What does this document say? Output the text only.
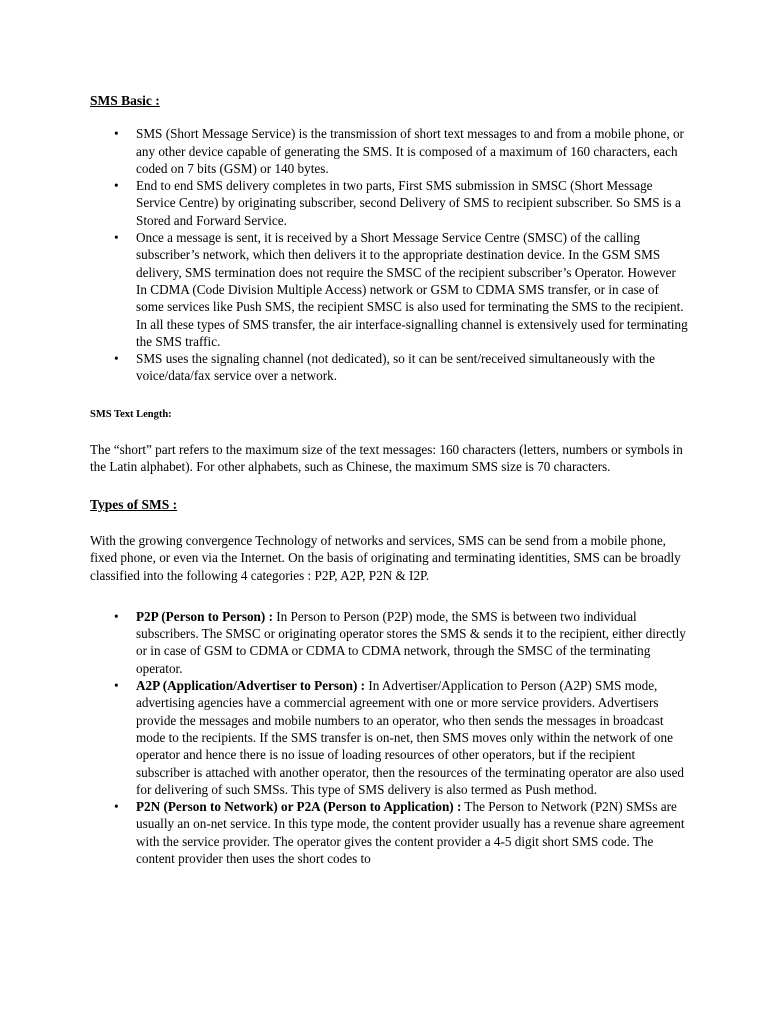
SMS Basic :

• SMS (Short Message Service) is the transmission of short text messages to and from a mobile phone, or any other device capable of generating the SMS. It is composed of a maximum of 160 characters, each coded on 7 bits (GSM) or 140 bytes.
• End to end SMS delivery completes in two parts, First SMS submission in SMSC (Short Message Service Centre) by originating subscriber, second Delivery of SMS to recipient subscriber. So SMS is a Stored and Forward Service.
• Once a message is sent, it is received by a Short Message Service Centre (SMSC) of the calling subscriber’s network, which then delivers it to the appropriate destination device. In the GSM SMS delivery, SMS termination does not require the SMSC of the recipient subscriber’s Operator. However In CDMA (Code Division Multiple Access) network or GSM to CDMA SMS transfer, or in case of some services like Push SMS, the recipient SMSC is also used for terminating the SMS to the recipient. In all these types of SMS transfer, the air interface-signalling channel is extensively used for terminating the SMS traffic.
• SMS uses the signaling channel (not dedicated), so it can be sent/received simultaneously with the voice/data/fax service over a network.

SMS Text Length:

The “short” part refers to the maximum size of the text messages: 160 characters (letters, numbers or symbols in the Latin alphabet). For other alphabets, such as Chinese, the maximum SMS size is 70 characters.

Types of SMS :

With the growing convergence Technology of networks and services, SMS can be send from a mobile phone, fixed phone, or even via the Internet. On the basis of originating and terminating identities, SMS can be broadly classified into the following 4 categories : P2P, A2P, P2N & I2P.

• P2P (Person to Person) : In Person to Person (P2P) mode, the SMS is between two individual subscribers. The SMSC or originating operator stores the SMS & sends it to the recipient, either directly or in case of GSM to CDMA or CDMA to CDMA network, through the SMSC of the terminating operator.
• A2P (Application/Advertiser to Person) : In Advertiser/Application to Person (A2P) SMS mode, advertising agencies have a commercial agreement with one or more service providers. Advertisers provide the messages and mobile numbers to an operator, who then sends the messages in broadcast mode to the recipients. If the SMS transfer is on-net, then SMS moves only within the network of one operator and hence there is no issue of loading resources of other operators, but if the recipient subscriber is attached with another operator, then the resources of the terminating operator are also used for delivering of such SMSs. This type of SMS delivery is also termed as Push method.
• P2N (Person to Network) or P2A (Person to Application) : The Person to Network (P2N) SMSs are usually an on-net service. In this type mode, the content provider usually has a revenue share agreement with the service provider. The operator gives the content provider a 4-5 digit short SMS code. The content provider then uses the short codes to
